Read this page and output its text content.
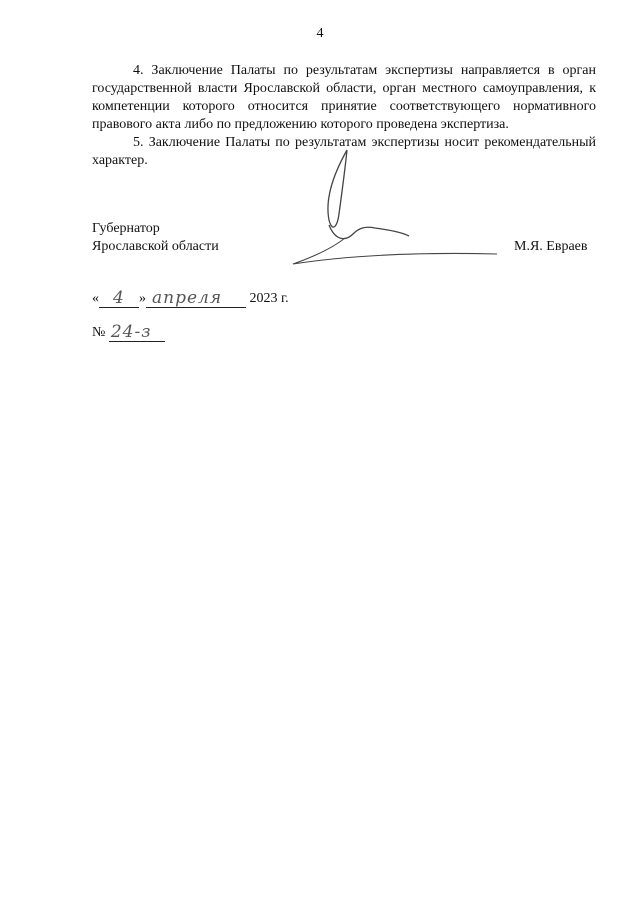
4

4. Заключение Палаты по результатам экспертизы направляется в орган государственной власти Ярославской области, орган местного самоуправления, к компетенции которого относится принятие соответствующего нормативного правового акта либо по предложению которого проведена экспертиза.

5. Заключение Палаты по результатам экспертизы носит рекомендательный характер.

Губернатор
Ярославской области	М.Я. Евраев
« 4 » апреля 2023 г.
№ 24-з
